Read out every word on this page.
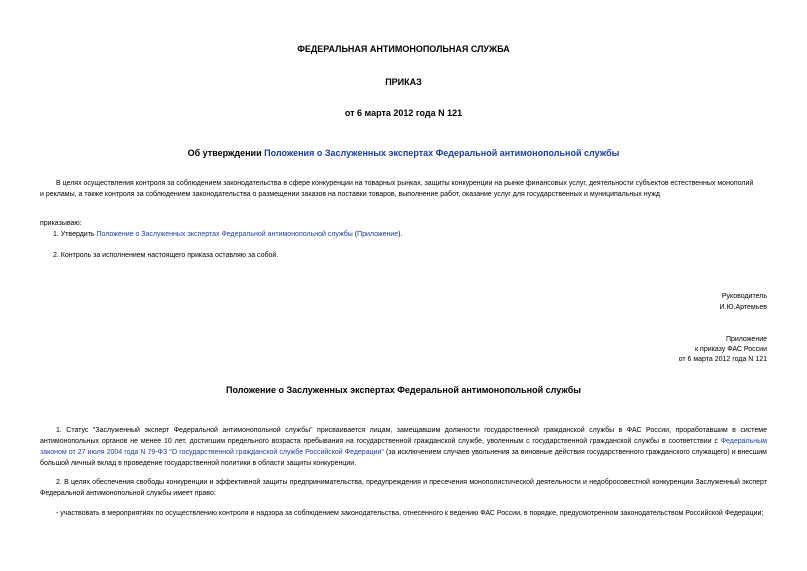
ФЕДЕРАЛЬНАЯ АНТИМОНОПОЛЬНАЯ СЛУЖБА
ПРИКАЗ
от 6 марта 2012 года N 121
Об утверждении Положения о Заслуженных экспертах Федеральной антимонопольной службы
В целях осуществления контроля за соблюдением законодательства в сфере конкуренции на товарных рынках, защиты конкуренции на рынке финансовых услуг, деятельности субъектов естественных монополий
и рекламы, а также контроля за соблюдением законодательства о размещении заказов на поставки товаров, выполнение работ, оказание услуг для государственных и муниципальных нужд
приказываю:
1. Утвердить Положение о Заслуженных экспертах Федеральной антимонопольной службы (Приложение).
2. Контроль за исполнением настоящего приказа оставляю за собой.
Руководитель
И.Ю.Артемьев
Приложение
к приказу ФАС России
от 6 марта 2012 года N 121
Положение о Заслуженных экспертах Федеральной антимонопольной службы
1. Статус "Заслуженный эксперт Федеральной антимонопольной службы" присваивается лицам, замещавшим должности государственной гражданской службы в ФАС России, проработавшим в системе антимонопольных органов не менее 10 лет, достигшим предельного возраста пребывания на государственной гражданской службе, уволенным с государственной гражданской службы в соответствии с Федеральным законом от 27 июля 2004 года N 79-ФЗ "О государственной гражданской службе Российской Федерации" (за исключением случаев увольнения за виновные действия государственного гражданского служащего) и внесшим большой личный вклад в проведение государственной политики в области защиты конкуренции.
2. В целях обеспечения свободы конкуренции и эффективной защиты предпринимательства, предупреждения и пресечения монополистической деятельности и недобросовестной конкуренции Заслуженный эксперт Федеральной антимонопольной службы имеет право:
- участвовать в мероприятиях по осуществлению контроля и надзора за соблюдением законодательства, отнесенного к ведению ФАС России, в порядке, предусмотренном законодательством Российской Федерации;
